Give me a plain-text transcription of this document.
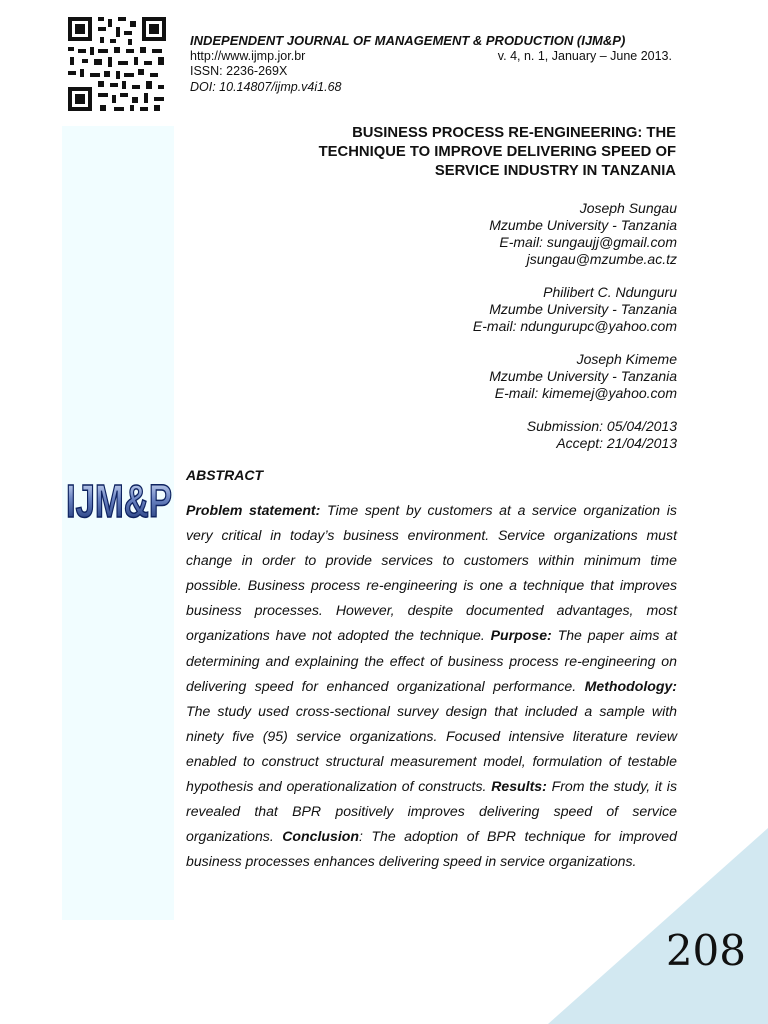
INDEPENDENT JOURNAL OF MANAGEMENT & PRODUCTION (IJM&P)
http://www.ijmp.jor.br	v. 4, n. 1, January – June 2013.
ISSN: 2236-269X
DOI: 10.14807/ijmp.v4i1.68
BUSINESS PROCESS RE-ENGINEERING: THE
TECHNIQUE TO IMPROVE DELIVERING SPEED OF
SERVICE INDUSTRY IN TANZANIA
Joseph Sungau
Mzumbe University - Tanzania
E-mail: sungaujj@gmail.com
jsungau@mzumbe.ac.tz
Philibert C. Ndunguru
Mzumbe University - Tanzania
E-mail: ndungurupc@yahoo.com
Joseph Kimeme
Mzumbe University - Tanzania
E-mail: kimemej@yahoo.com
Submission: 05/04/2013
Accept: 21/04/2013
IJM&P ABSTRACT
Problem statement: Time spent by customers at a service organization is very critical in today’s business environment. Service organizations must change in order to provide services to customers within minimum time possible. Business process re-engineering is one a technique that improves business processes. However, despite documented advantages, most organizations have not adopted the technique. Purpose: The paper aims at determining and explaining the effect of business process re-engineering on delivering speed for enhanced organizational performance. Methodology: The study used cross-sectional survey design that included a sample with ninety five (95) service organizations. Focused intensive literature review enabled to construct structural measurement model, formulation of testable hypothesis and operationalization of constructs. Results: From the study, it is revealed that BPR positively improves delivering speed of service organizations. Conclusion: The adoption of BPR technique for improved business processes enhances delivering speed in service organizations.
208
